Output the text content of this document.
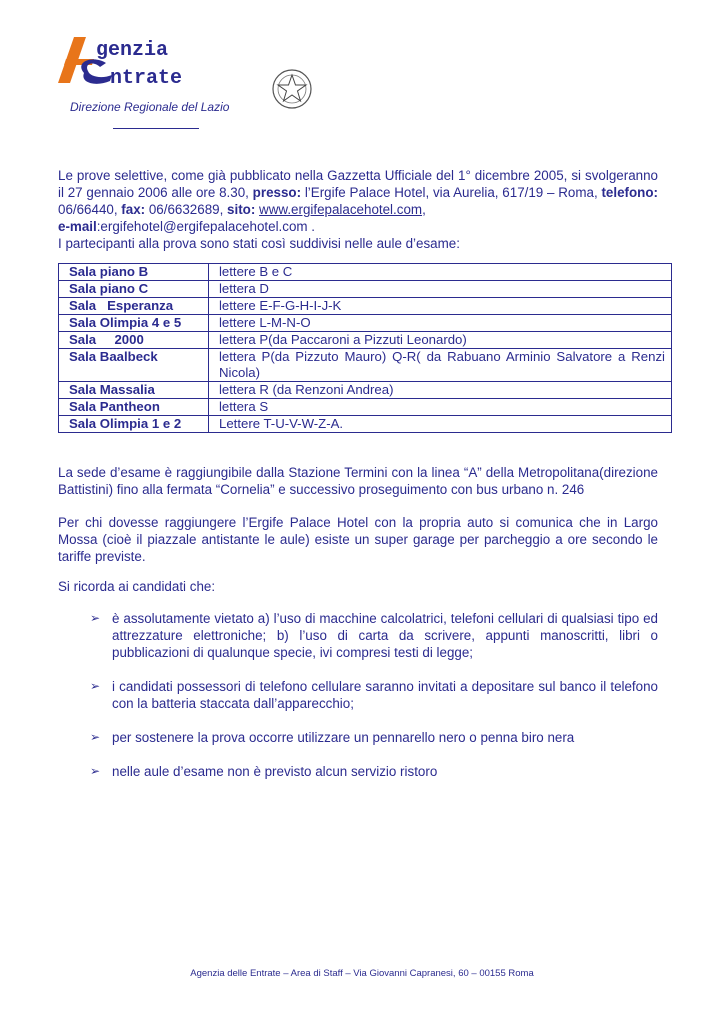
genzia
ntrate
Direzione Regionale del Lazio
Le prove selettive, come già pubblicato nella Gazzetta Ufficiale del 1° dicembre 2005, si svolgeranno il 27 gennaio 2006 alle ore 8.30, presso: l’Ergife Palace Hotel, via Aurelia, 617/19 – Roma, telefono: 06/66440, fax: 06/6632689, sito: www.ergifepalacehotel.com,
e-mail:ergifehotel@ergifepalacehotel.com .
I partecipanti alla prova sono stati così suddivisi nelle aule d’esame:
Sala piano B	lettere B e C
Sala piano C	lettera D
Sala   Esperanza	lettere E-F-G-H-I-J-K
Sala Olimpia 4 e 5	lettere L-M-N-O
Sala     2000	lettera P(da Paccaroni a Pizzuti Leonardo)
Sala Baalbeck	lettera P(da Pizzuto Mauro) Q-R( da Rabuano Arminio Salvatore a Renzi Nicola)
Sala Massalia	lettera R (da Renzoni Andrea)
Sala Pantheon	lettera S
Sala Olimpia 1 e 2	Lettere T-U-V-W-Z-A.
La sede d’esame è raggiungibile dalla Stazione Termini con la linea “A” della Metropolitana(direzione Battistini) fino alla fermata “Cornelia” e successivo proseguimento con bus urbano n. 246
Per chi dovesse raggiungere l’Ergife Palace Hotel con la propria auto si comunica che in Largo Mossa (cioè il piazzale antistante le aule) esiste un super garage per parcheggio a ore secondo le tariffe previste.
Si ricorda ai candidati che:
➢ è assolutamente vietato a) l’uso di macchine calcolatrici, telefoni cellulari di qualsiasi tipo ed attrezzature elettroniche; b) l’uso di carta da scrivere, appunti manoscritti, libri o pubblicazioni di qualunque specie, ivi compresi testi di legge;
➢ i candidati possessori di telefono cellulare saranno invitati a depositare sul banco il telefono con la batteria staccata dall’apparecchio;
➢ per sostenere la prova occorre utilizzare un pennarello nero o penna biro nera
➢ nelle aule d’esame non è previsto alcun servizio ristoro
Agenzia delle Entrate – Area di Staff – Via Giovanni Capranesi, 60 – 00155 Roma
